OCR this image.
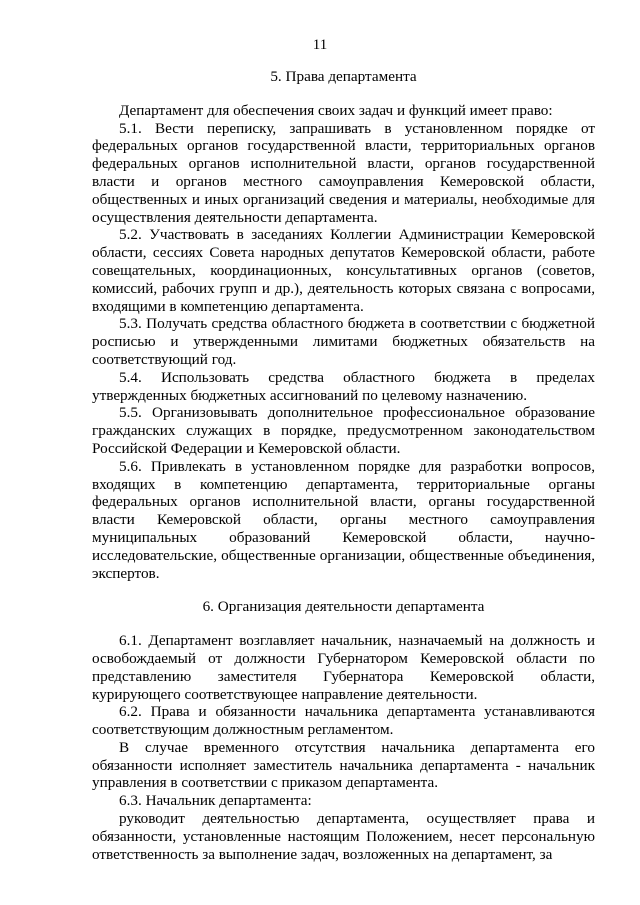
11

5. Права департамента

Департамент для обеспечения своих задач и функций имеет право:

5.1. Вести переписку, запрашивать в установленном порядке от федеральных органов государственной власти, территориальных органов федеральных органов исполнительной власти, органов государственной власти и органов местного самоуправления Кемеровской области, общественных и иных организаций сведения и материалы, необходимые для осуществления деятельности департамента.

5.2. Участвовать в заседаниях Коллегии Администрации Кемеровской области, сессиях Совета народных депутатов Кемеровской области, работе совещательных, координационных, консультативных органов (советов, комиссий, рабочих групп и др.), деятельность которых связана с вопросами, входящими в компетенцию департамента.

5.3. Получать средства областного бюджета в соответствии с бюджетной росписью и утвержденными лимитами бюджетных обязательств на соответствующий год.

5.4. Использовать средства областного бюджета в пределах утвержденных бюджетных ассигнований по целевому назначению.

5.5. Организовывать дополнительное профессиональное образование гражданских служащих в порядке, предусмотренном законодательством Российской Федерации и Кемеровской области.

5.6. Привлекать в установленном порядке для разработки вопросов, входящих в компетенцию департамента, территориальные органы федеральных органов исполнительной власти, органы государственной власти Кемеровской области, органы местного самоуправления муниципальных образований Кемеровской области, научно-исследовательские, общественные организации, общественные объединения, экспертов.

6. Организация деятельности департамента

6.1. Департамент возглавляет начальник, назначаемый на должность и освобождаемый от должности Губернатором Кемеровской области по представлению заместителя Губернатора Кемеровской области, курирующего соответствующее направление деятельности.

6.2. Права и обязанности начальника департамента устанавливаются соответствующим должностным регламентом.

В случае временного отсутствия начальника департамента его обязанности исполняет заместитель начальника департамента - начальник управления в соответствии с приказом департамента.

6.3. Начальник департамента:

руководит деятельностью департамента, осуществляет права и обязанности, установленные настоящим Положением, несет персональную ответственность за выполнение задач, возложенных на департамент, за
